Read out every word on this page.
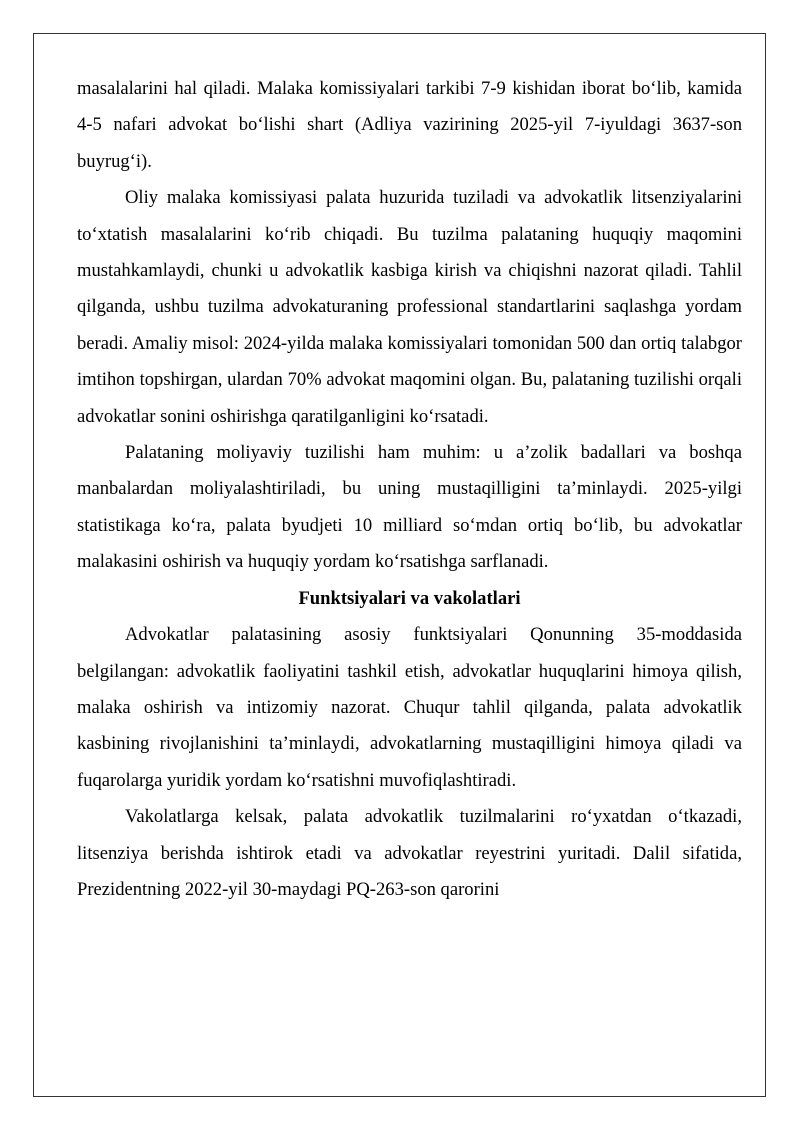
masalalarini hal qiladi. Malaka komissiyalari tarkibi 7-9 kishidan iborat bo‘lib, kamida 4-5 nafari advokat bo‘lishi shart (Adliya vazirining 2025-yil 7-iyuldagi 3637-son buyrug‘i).

Oliy malaka komissiyasi palata huzurida tuziladi va advokatlik litsenziyalarini to‘xtatish masalalarini ko‘rib chiqadi. Bu tuzilma palataning huquqiy maqomini mustahkamlaydi, chunki u advokatlik kasbiga kirish va chiqishni nazorat qiladi. Tahlil qilganda, ushbu tuzilma advokaturaning professional standartlarini saqlashga yordam beradi. Amaliy misol: 2024-yilda malaka komissiyalari tomonidan 500 dan ortiq talabgor imtihon topshirgan, ulardan 70% advokat maqomini olgan. Bu, palataning tuzilishi orqali advokatlar sonini oshirishga qaratilganligini ko‘rsatadi.

Palataning moliyaviy tuzilishi ham muhim: u a’zolik badallari va boshqa manbalardan moliyalashtiriladi, bu uning mustaqilligini ta’minlaydi. 2025-yilgi statistikaga ko‘ra, palata byudjeti 10 milliard so‘mdan ortiq bo‘lib, bu advokatlar malakasini oshirish va huquqiy yordam ko‘rsatishga sarflanadi.

Funktsiyalari va vakolatlari

Advokatlar palatasining asosiy funktsiyalari Qonunning 35-moddasida belgilangan: advokatlik faoliyatini tashkil etish, advokatlar huquqlarini himoya qilish, malaka oshirish va intizomiy nazorat. Chuqur tahlil qilganda, palata advokatlik kasbining rivojlanishini ta’minlaydi, advokatlarning mustaqilligini himoya qiladi va fuqarolarga yuridik yordam ko‘rsatishni muvofiqlashtiradi.

Vakolatlarga kelsak, palata advokatlik tuzilmalarini ro‘yxatdan o‘tkazadi, litsenziya berishda ishtirok etadi va advokatlar reyestrini yuritadi. Dalil sifatida, Prezidentning 2022-yil 30-maydagi PQ-263-son qarorini
